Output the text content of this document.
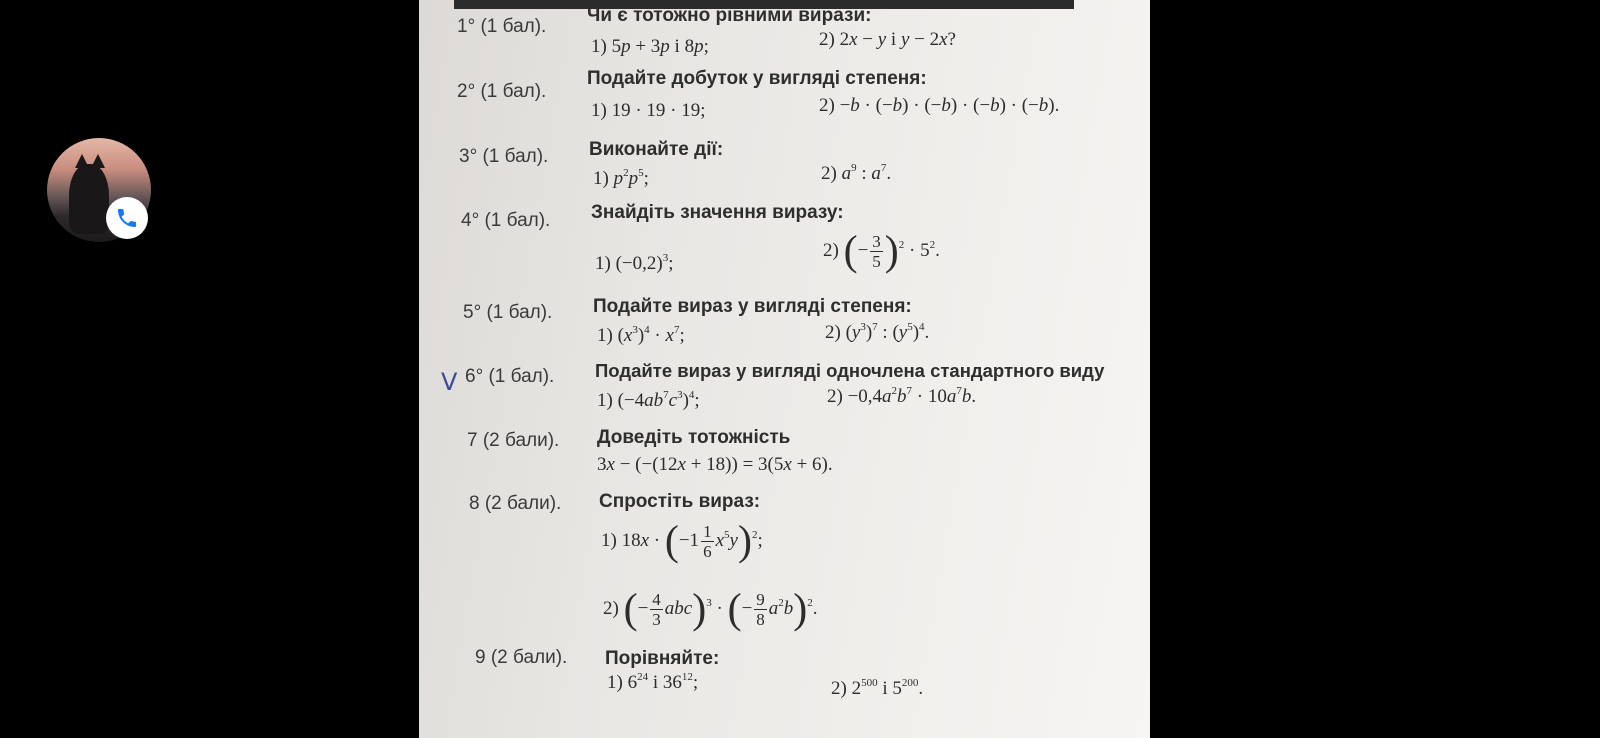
V
1° (1 бал).
Чи є тотожно рівними вирази:
1) 5p + 3p і 8p;	2) 2x − y і y − 2x?
2° (1 бал).
Подайте добуток у вигляді степеня:
1) 19 · 19 · 19;	2) −b · (−b) · (−b) · (−b) · (−b).
3° (1 бал). Виконайте дії:
1) $p^2p^5$;	2) $a^9$ : $a^7$.
4° (1 бал). Знайдіть значення виразу:
1) $(-0,2)^3$;
2) (− $\frac{3}{5} )^2 \cdot 5^2$.
5° (1 бал). Подайте вираз у вигляді степеня:
1) $(x^3)^4 \cdot x^7$;	2) $(y^3)^7$ : $(y^5)^4$.
6° (1 бал). Подайте вираз у вигляді одночлена стандартного виду
1) $(-4ab^7c^3)^4$;	$2) -0,4a^2b^7 \cdot 10a^7b$.
7 (2 бали). Доведіть тотожність
3x − (−(12x + 18)) = 3(5x + 6).
8 (2 бали). Спростіть вираз:
1) $18x \cdot (-1 \frac{1}{6} x^5y)^2$;
2) (− $\frac{4}{3} abc)^3$ · (− $\frac{9}{8} a^2b)^2$.
9 (2 бали). Порівняйте:
1) $6^{24}$ і $36^{12}$;	2) $2^{500}$ і $5^{200}$.
